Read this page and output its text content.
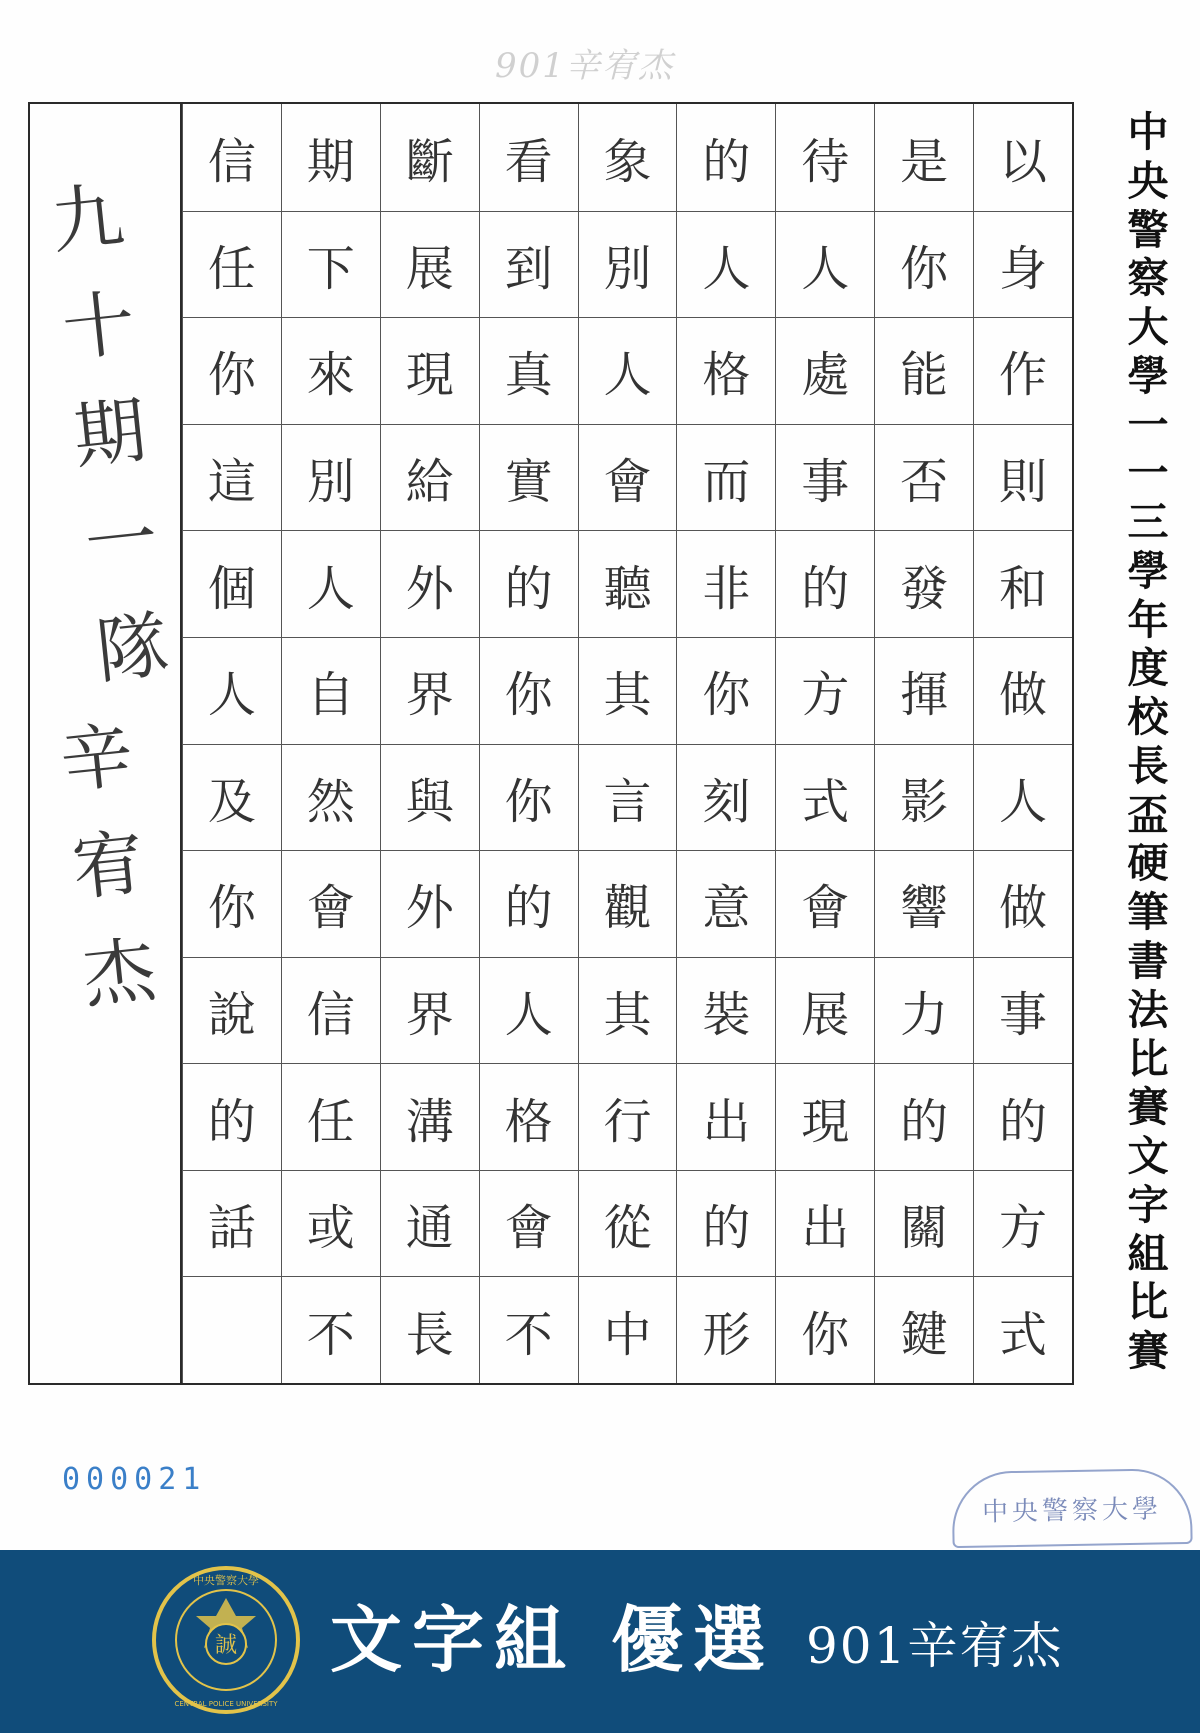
901辛宥杰
九
十
期
一
隊
辛
宥
杰
以
身
作
則
和
做
人
做
事
的
方
式
是
你
能
否
發
揮
影
響
力
的
關
鍵
待
人
處
事
的
方
式
會
展
現
出
你
的
人
格
而
非
你
刻
意
裝
出
的
形
象
別
人
會
聽
其
言
觀
其
行
從
中
看
到
真
實
的
你
你
的
人
格
會
不
斷
展
現
給
外
界
與
外
界
溝
通
長
期
下
來
別
人
自
然
會
信
任
或
不
信
任
你
這
個
人
及
你
說
的
話
中
央
警
察
大
學
一
一
三
學
年
度
校
長
盃
硬
筆
書
法
比
賽
文
字
組
比
賽
000021
中央警察大學
誠
中央警察大學
CENTRAL POLICE UNIVERSITY
文字組 優選 901辛宥杰
